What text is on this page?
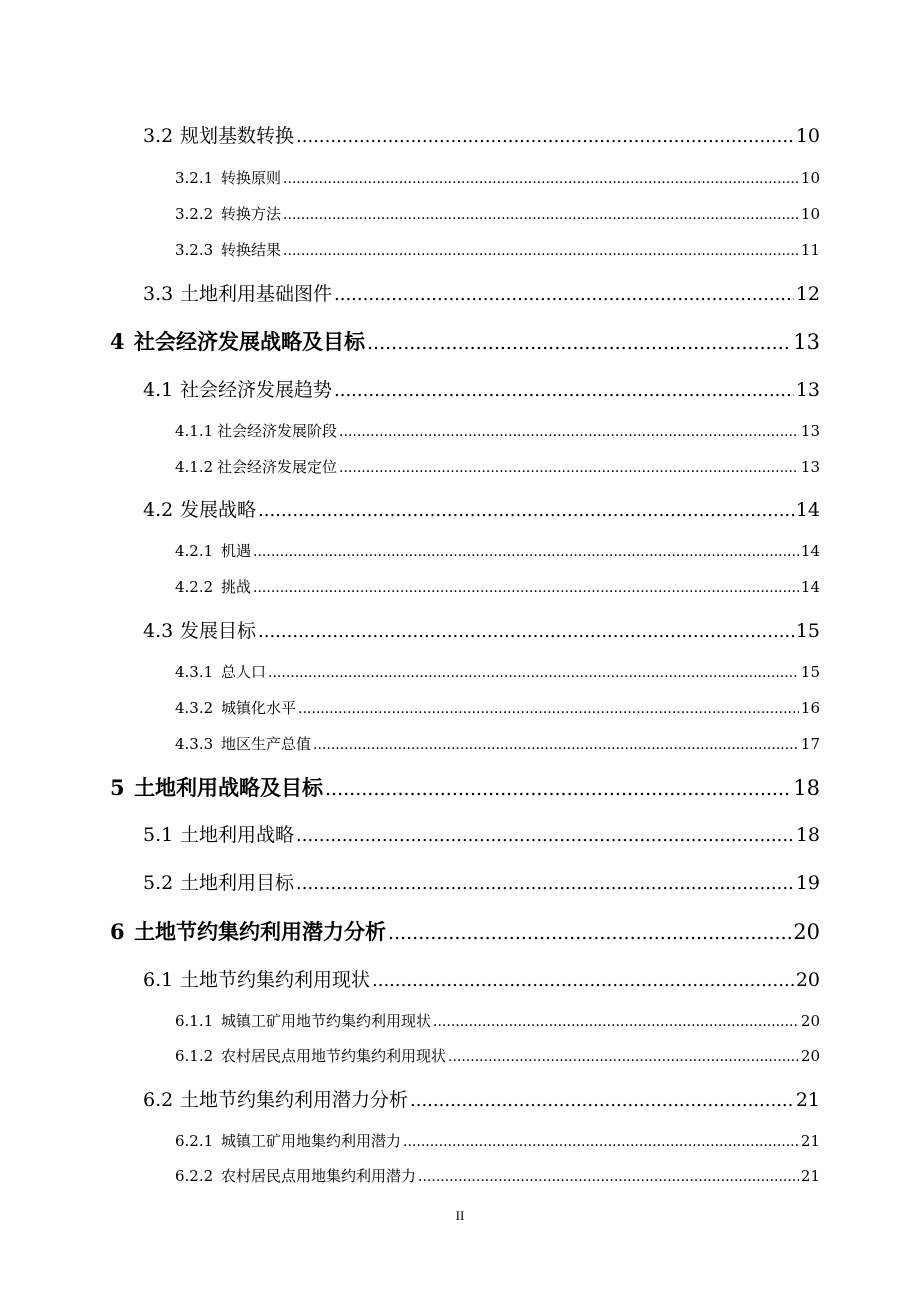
3.2 规划基数转换 .....	10
3.2.1 转换原则 .....	10
3.2.2 转换方法 .....	10
3.2.3 转换结果 .....	11
3.3 土地利用基础图件 .....	12
4 社会经济发展战略及目标 .....	13
4.1 社会经济发展趋势 .....	13
4.1.1 社会经济发展阶段 .....	13
4.1.2 社会经济发展定位 .....	13
4.2 发展战略 .....	14
4.2.1 机遇 .....	14
4.2.2 挑战 .....	14
4.3 发展目标 .....	15
4.3.1 总人口 .....	15
4.3.2 城镇化水平 .....	16
4.3.3 地区生产总值 .....	17
5 土地利用战略及目标 .....	18
5.1 土地利用战略 .....	18
5.2 土地利用目标 .....	19
6 土地节约集约利用潜力分析 .....	20
6.1 土地节约集约利用现状 .....	20
6.1.1 城镇工矿用地节约集约利用现状 .....	20
6.1.2 农村居民点用地节约集约利用现状 .....	20
6.2 土地节约集约利用潜力分析 .....	21
6.2.1 城镇工矿用地集约利用潜力 .....	21
6.2.2 农村居民点用地集约利用潜力 .....	21
II
